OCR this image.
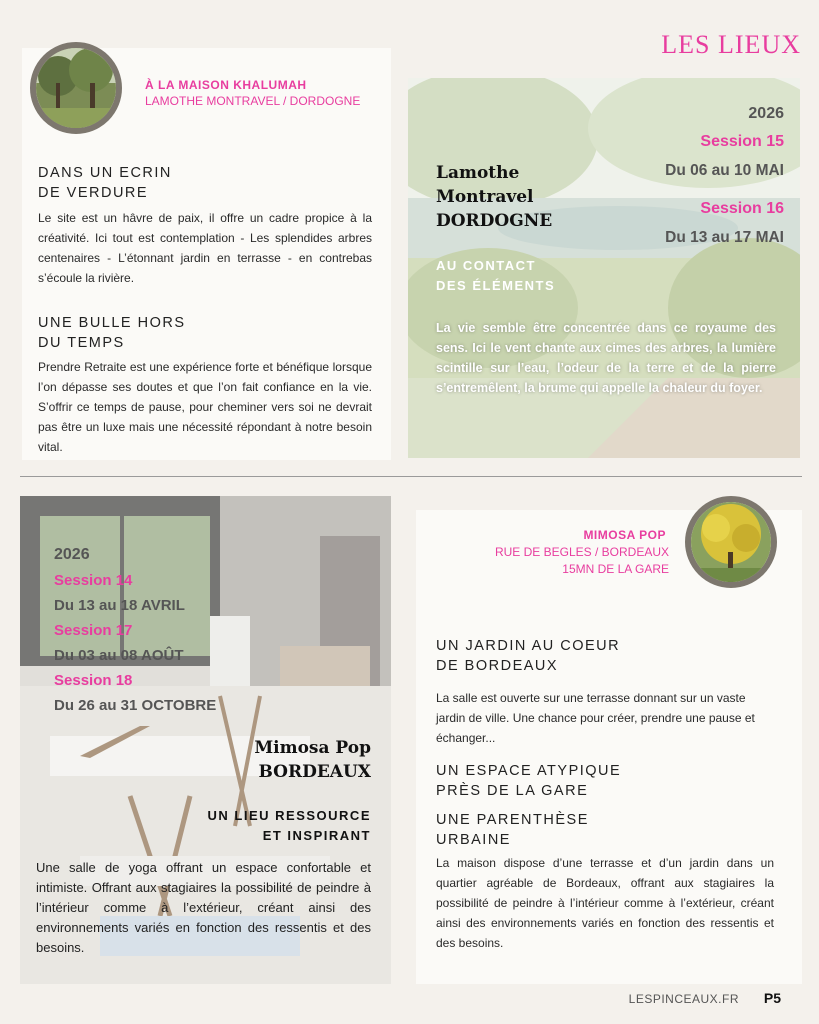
LES LIEUX
À LA MAISON KHALUMAH
LAMOTHE MONTRAVEL / DORDOGNE
DANS UN ECRIN
DE VERDURE
Le site est un hâvre de paix, il offre un cadre propice à la créativité. Ici tout est contemplation - Les splendides arbres centenaires - L’étonnant jardin en terrasse - en contrebas s’écoule la rivière.
UNE BULLE HORS
DU TEMPS
Prendre Retraite est une expérience forte et bénéfique lorsque l’on dépasse ses doutes et que l’on fait confiance en la vie. S’offrir ce temps de pause, pour cheminer vers soi ne devrait pas être un luxe mais une nécessité répondant à notre besoin vital.
2026
Session 15
Du 06 au 10 MAI
Session 16
Du 13 au 17 MAI
Lamothe
Montravel
DORDOGNE
AU CONTACT
DES ÉLÉMENTS
La vie semble être concentrée dans ce royaume des sens. Ici le vent chante aux cimes des arbres, la lumière scintille sur l’eau, l’odeur de la terre et de la pierre s’entremêlent, la brume qui appelle la chaleur du foyer.
2026
Session 14
Du 13 au 18 AVRIL
Session 17
Du 03 au 08 AOÛT
Session 18
Du 26 au 31 OCTOBRE
Mimosa Pop
BORDEAUX
UN LIEU RESSOURCE
ET INSPIRANT
Une salle de yoga offrant un espace confortable et intimiste. Offrant aux stagiaires la possibilité de peindre à l’intérieur comme à l’extérieur, créant ainsi des environnements variés en fonction des ressentis et des besoins.
MIMOSA POP
RUE DE BEGLES / BORDEAUX
15MN DE LA GARE
UN JARDIN AU COEUR
DE BORDEAUX
La salle est ouverte sur une terrasse donnant sur un vaste jardin de ville. Une chance pour créer, prendre une pause et échanger...
UN ESPACE ATYPIQUE
PRÈS DE LA GARE
UNE PARENTHÈSE
URBAINE
La maison dispose d’une terrasse et d’un jardin dans un quartier agréable de Bordeaux, offrant aux stagiaires la possibilité de peindre à l’intérieur comme à l’extérieur, créant ainsi des environnements variés en fonction des ressentis et des besoins.
LESPINCEAUX.FR P5
